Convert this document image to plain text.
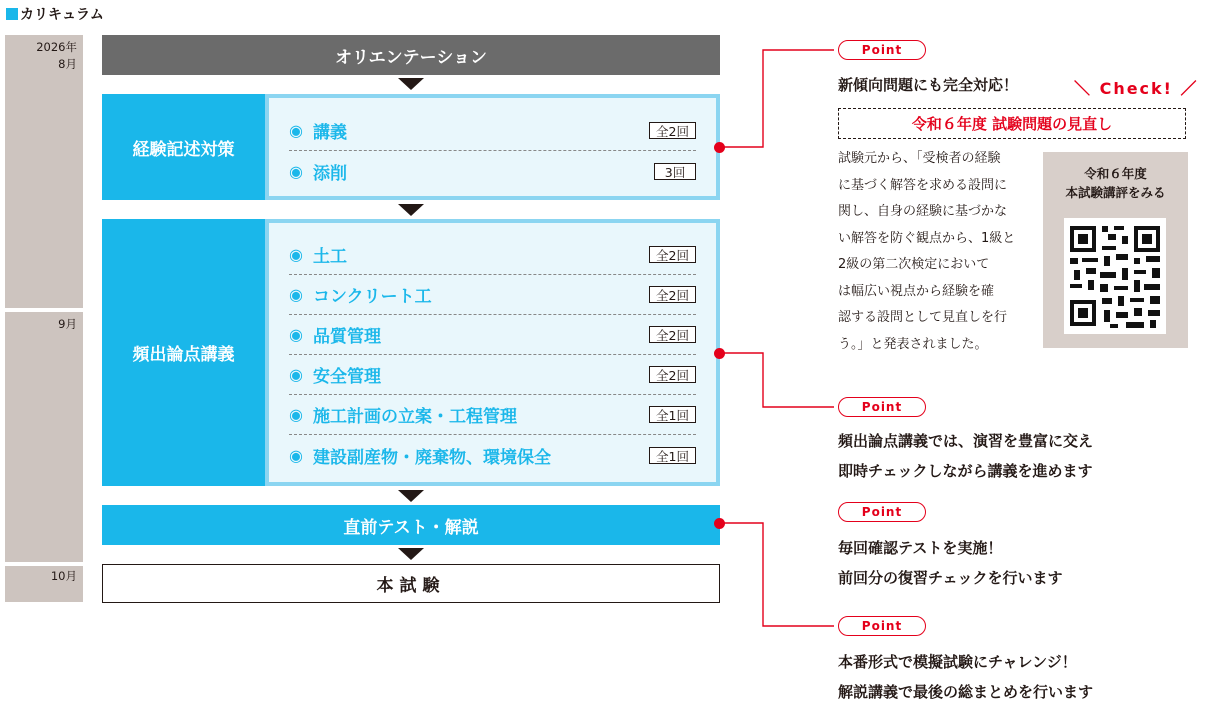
カリキュラム
2026年
8月
9月
10月
オリエンテーション
経験記述対策
◉ 講義	全2回
◉ 添削	3回
頻出論点講義
◉ 土工	全2回
◉ コンクリート工	全2回
◉ 品質管理	全2回
◉ 安全管理	全2回
◉ 施工計画の立案・工程管理	全1回
◉ 建設副産物・廃棄物、環境保全	全1回
直前テスト・解説
本試験
Point
新傾向問題にも完全対応！	＼ Check! ／
令和６年度 試験問題の見直し
試験元から、「受検者の経験
に基づく解答を求める設問に
関し、自身の経験に基づかな
い解答を防ぐ観点から、1級と
2級の第二次検定において
は幅広い視点から経験を確
認する設問として見直しを行
う。」と発表されました。
令和６年度
本試験講評をみる
Point
頻出論点講義では、演習を豊富に交え
即時チェックしながら講義を進めます
Point
毎回確認テストを実施！
前回分の復習チェックを行います
Point
本番形式で模擬試験にチャレンジ！
解説講義で最後の総まとめを行います
